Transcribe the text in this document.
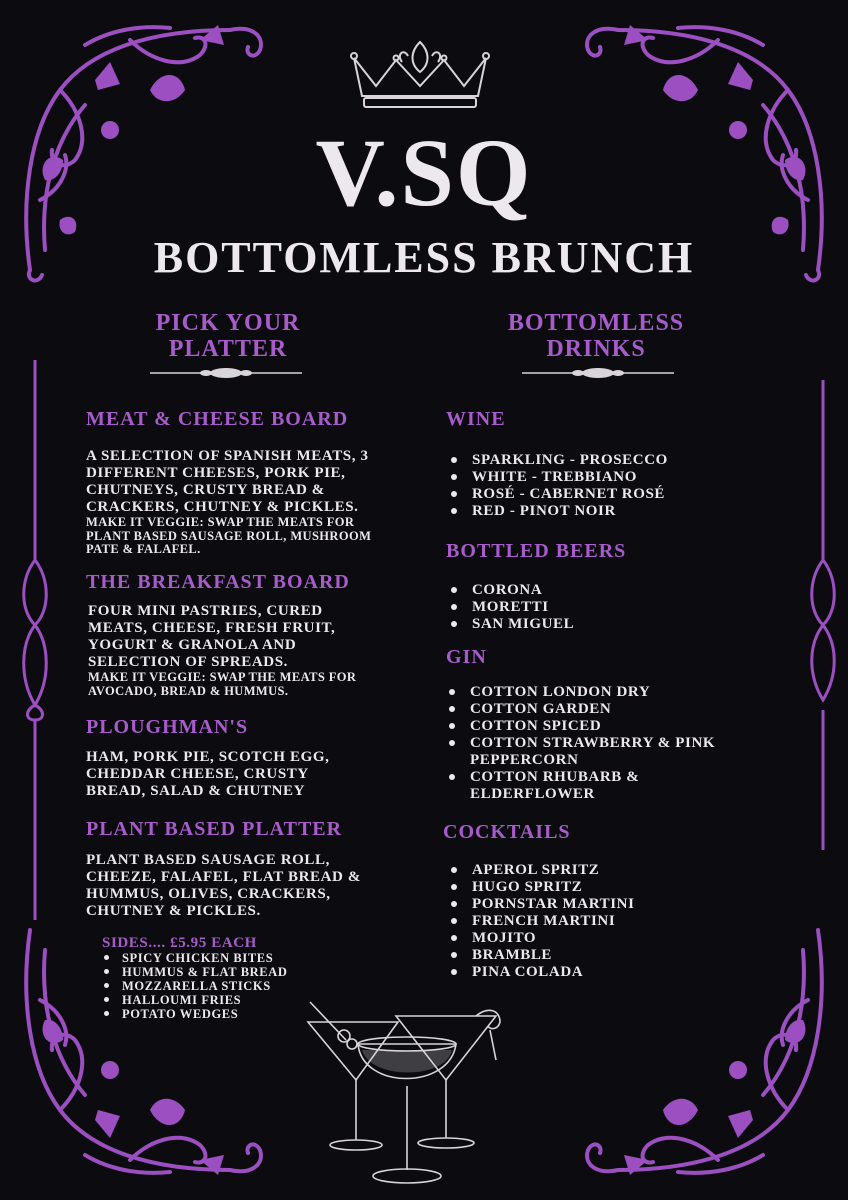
V.SQ
BOTTOMLESS BRUNCH
PICK YOUR
PLATTER
BOTTOMLESS
DRINKS
MEAT & CHEESE BOARD
A SELECTION OF SPANISH MEATS, 3
DIFFERENT CHEESES, PORK PIE,
CHUTNEYS, CRUSTY BREAD &
CRACKERS, CHUTNEY & PICKLES.
MAKE IT VEGGIE: SWAP THE MEATS FOR
PLANT BASED SAUSAGE ROLL, MUSHROOM
PATE & FALAFEL.
THE BREAKFAST BOARD
FOUR MINI PASTRIES, CURED
MEATS, CHEESE, FRESH FRUIT,
YOGURT & GRANOLA AND
SELECTION OF SPREADS.
MAKE IT VEGGIE: SWAP THE MEATS FOR
AVOCADO, BREAD & HUMMUS.
PLOUGHMAN'S
HAM, PORK PIE, SCOTCH EGG,
CHEDDAR CHEESE, CRUSTY
BREAD, SALAD & CHUTNEY
PLANT BASED PLATTER
PLANT BASED SAUSAGE ROLL,
CHEEZE, FALAFEL, FLAT BREAD &
HUMMUS, OLIVES, CRACKERS,
CHUTNEY & PICKLES.
SIDES.... £5.95 EACH
SPICY CHICKEN BITES
HUMMUS & FLAT BREAD
MOZZARELLA STICKS
HALLOUMI FRIES
POTATO WEDGES
WINE
SPARKLING - PROSECCO
WHITE - TREBBIANO
ROSÉ - CABERNET ROSÉ
RED - PINOT NOIR
BOTTLED BEERS
CORONA
MORETTI
SAN MIGUEL
GIN
COTTON LONDON DRY
COTTON GARDEN
COTTON SPICED
COTTON STRAWBERRY & PINK PEPPERCORN
COTTON RHUBARB & ELDERFLOWER
COCKTAILS
APEROL SPRITZ
HUGO SPRITZ
PORNSTAR MARTINI
FRENCH MARTINI
MOJITO
BRAMBLE
PINA COLADA
